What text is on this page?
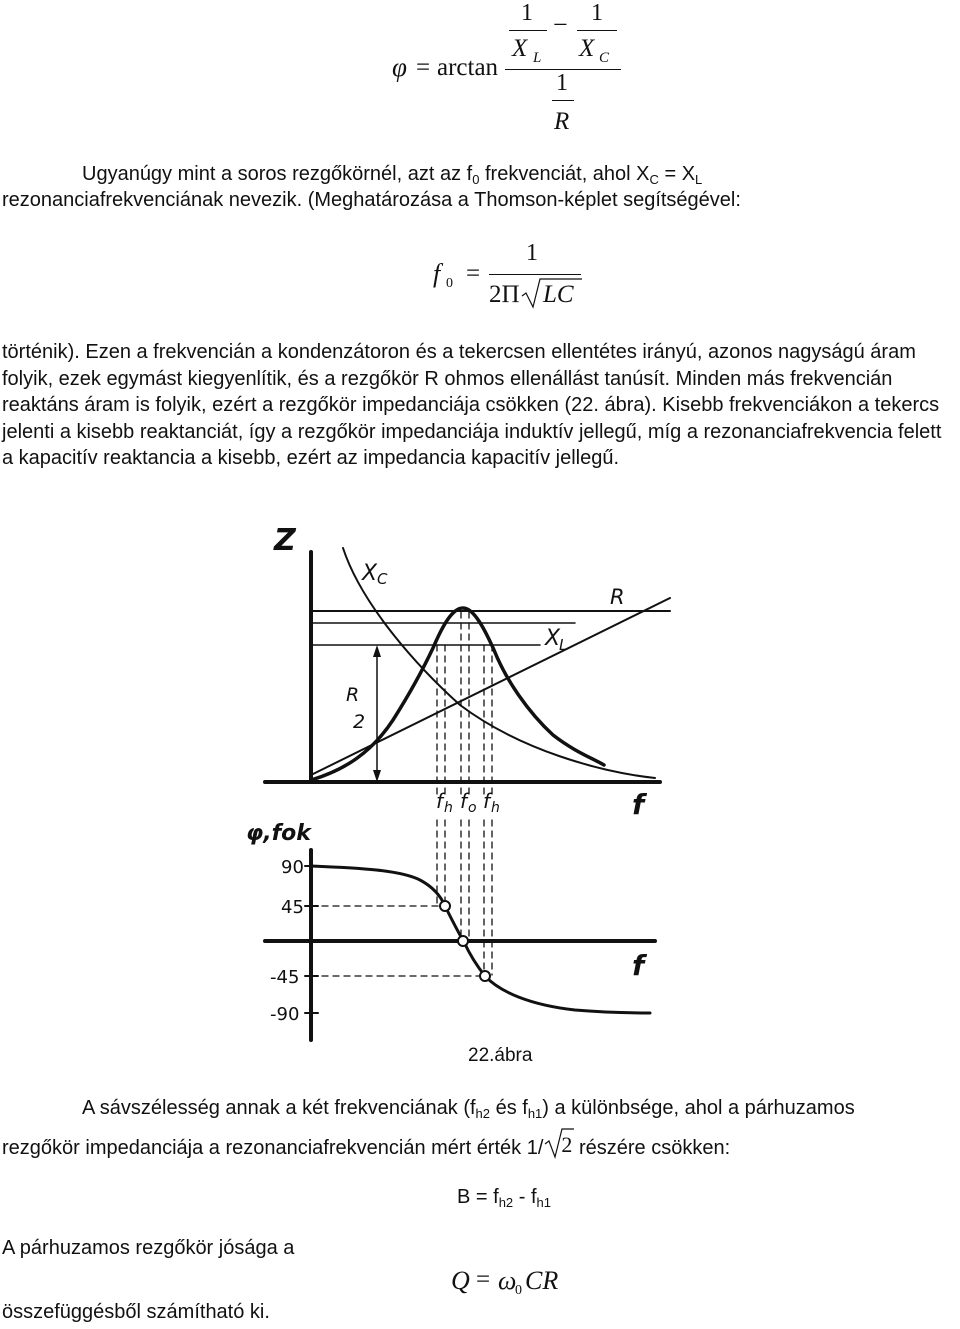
φ = arctan
1
X L
− 1
X C
1
R
Ugyanúgy mint a soros rezgőkörnél, azt az $f_0$ frekvenciát, ahol $X_C = X_L$
rezonanciafrekvenciának nevezik. (Meghatározása a Thomson-képlet segítségével:
f 0 =
1
2Π LC

történik). Ezen a frekvencián a kondenzátoron és a tekercsen ellentétes irányú, azonos nagyságú áram folyik, ezek egymást kiegyenlítik, és a rezgőkör R ohmos ellenállást tanúsít. Minden más frekvencián reaktáns áram is folyik, ezért a rezgőkör impedanciája csökken (22. ábra). Kisebb frekvenciákon a tekercs jelenti a kisebb reaktanciát, így a rezgőkör impedanciája induktív jellegű, míg a rezonanciafrekvencia felett a kapacitív reaktancia a kisebb, ezért az impedancia kapacitív jellegű.

Z
X C
R
X
L
R
2
f
f h f o f h
φ,fok
f
90
45
-45
-90
22.ábra
A sávszélesség annak a két frekvenciának ($f_{h2}$ és $f_{h1}$) a különbsége, ahol a párhuzamos
rezgőkör impedanciája a rezonanciafrekvencián mért érték 1/ 2 részére csökken:
$B = f_{h2} - f_{h1}$
A párhuzamos rezgőkör jósága a
Q = ω
0 CR
összefüggésből számítható ki.
